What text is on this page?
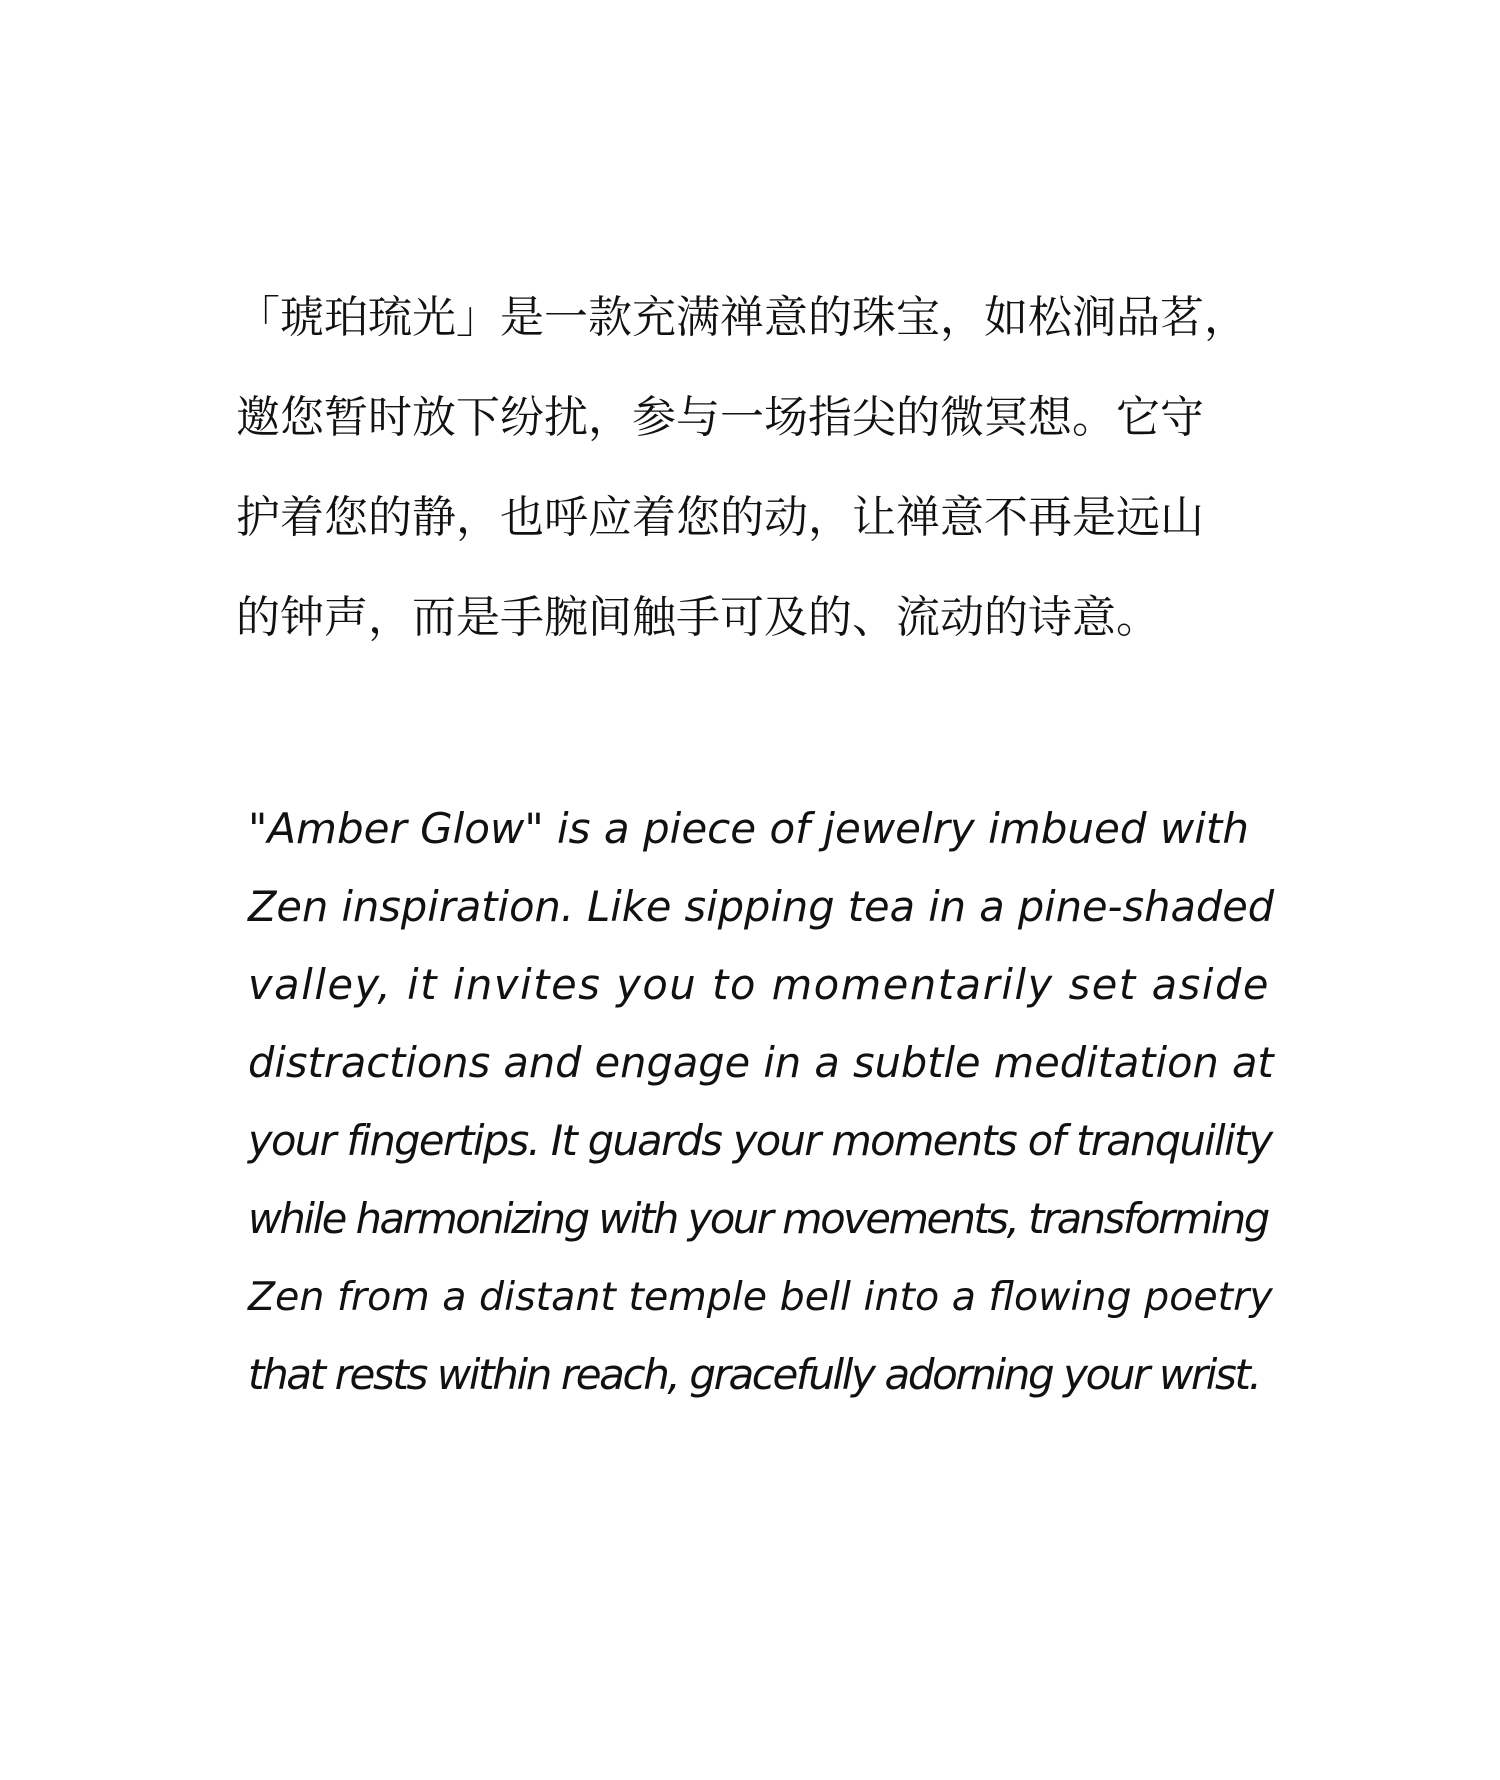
「琥珀琉光」是一款充满禅意的珠宝，如松涧品茗，
邀您暂时放下纷扰，参与一场指尖的微冥想。它守
护着您的静，也呼应着您的动，让禅意不再是远山
的钟声，而是手腕间触手可及的、流动的诗意。
"Amber Glow" is a piece of jewelry imbued with
Zen inspiration. Like sipping tea in a pine-shaded
valley, it invites you to momentarily set aside
distractions and engage in a subtle meditation at
your fingertips. It guards your moments of tranquility
while harmonizing with your movements, transforming
Zen from a distant temple bell into a flowing poetry
that rests within reach, gracefully adorning your wrist.
